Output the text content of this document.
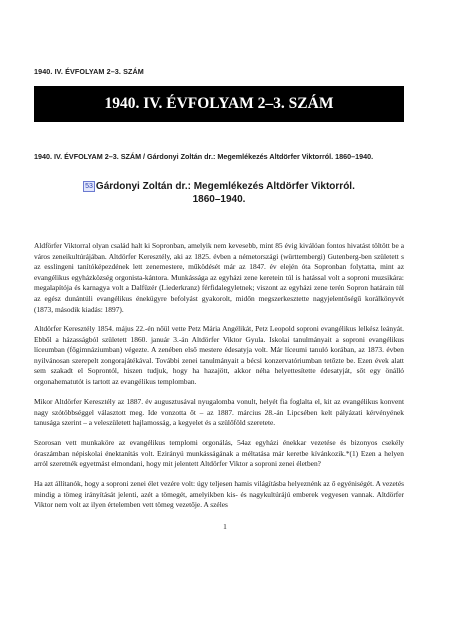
1940. IV. ÉVFOLYAM 2–3. SZÁM
1940. IV. ÉVFOLYAM 2–3. SZÁM
1940. IV. ÉVFOLYAM 2–3. SZÁM / Gárdonyi Zoltán dr.: Megemlékezés Altdörfer Viktorról. 1860–1940.
53 Gárdonyi Zoltán dr.: Megemlékezés Altdörfer Viktorról.
1860–1940.

Aldförfer Viktorral olyan család halt ki Sopronban, amelyik nem kevesebb, mint 85 évig kiválóan fontos hivatást töltött be a város zeneikultúrájában. Altdörfer Keresztély, aki az 1825. évben a németországi (württembergi) Gutenberg-ben született s az esslingeni tanítóképezdének lett zenemestere, működését már az 1847. év elején óta Sopronban folytatta, mint az evangélikus egyházközség orgonista-kántora. Munkássága az egyházi zene keretein túl is hatással volt a soproni muzsikára: megalapítója és karnagya volt a Dalfüzér (Liederkranz) férfidalegyletnek; viszont az egyházi zene terén Sopron határain túl az egész dunántúli evangélikus énekügyre befolyást gyakorolt, midőn megszerkesztette nagyjelentőségű korálkönyvét (1873, második kiadás: 1897).

Altdörfer Keresztély 1854. május 22.-én nőül vette Petz Mária Angélikát, Petz Leopold soproni evangélikus lelkész leányát. Ebből a házasságból született 1860. január 3.-án Altdörfer Viktor Gyula. Iskolai tanulmányait a soproni evangélikus líceumban (főgimnáziumban) végezte. A zenében első mestere édesatyja volt. Már líceumi tanuló korában, az 1873. évben nyilvánosan szerepelt zongorajátékával. További zenei tanulmányait a bécsi konzervatóriumban tetőzte be. Ezen évek alatt sem szakadt el Soprontól, hiszen tudjuk, hogy ha hazajött, akkor néha helyettesítette édesatyját, sőt egy önálló orgonahematutót is tartott az evangélikus templomban.

Mikor Altdörfer Keresztély az 1887. év augusztusával nyugalomba vonult, helyét fia foglalta el, kit az evangélikus konvent nagy szótöbbséggel választott meg. Ide vonzotta őt – az 1887. március 28.-án Lipcsében kelt pályázati kérvényének tanusága szerint – a veleszületett hajlamosság, a kegyelet és a szülőföld szeretete.

Szorosan vett munkaköre az evangélikus templomi orgonálás, 54az egyházi énekkar vezetése és bizonyos csekély óraszámban népiskolai énektanítás volt. Ezirányú munkásságának a méltatása már keretbe kívánkozik.*(1) Ezen a helyen arról szeretnék egyetmást elmondani, hogy mit jelentett Altdörfer Viktor a soproni zenei életben?

Ha azt állítanók, hogy a soproni zenei élet vezére volt: úgy teljesen hamis világításba helyeznénk az ő egyéniségét. A vezetés mindig a tömeg irányítását jelenti, azét a tömegét, amelyikben kis- és nagykultúrájú emberek vegyesen vannak. Altdörfer Viktor nem volt az ilyen értelemben vett tömeg vezetője. A széles

1
